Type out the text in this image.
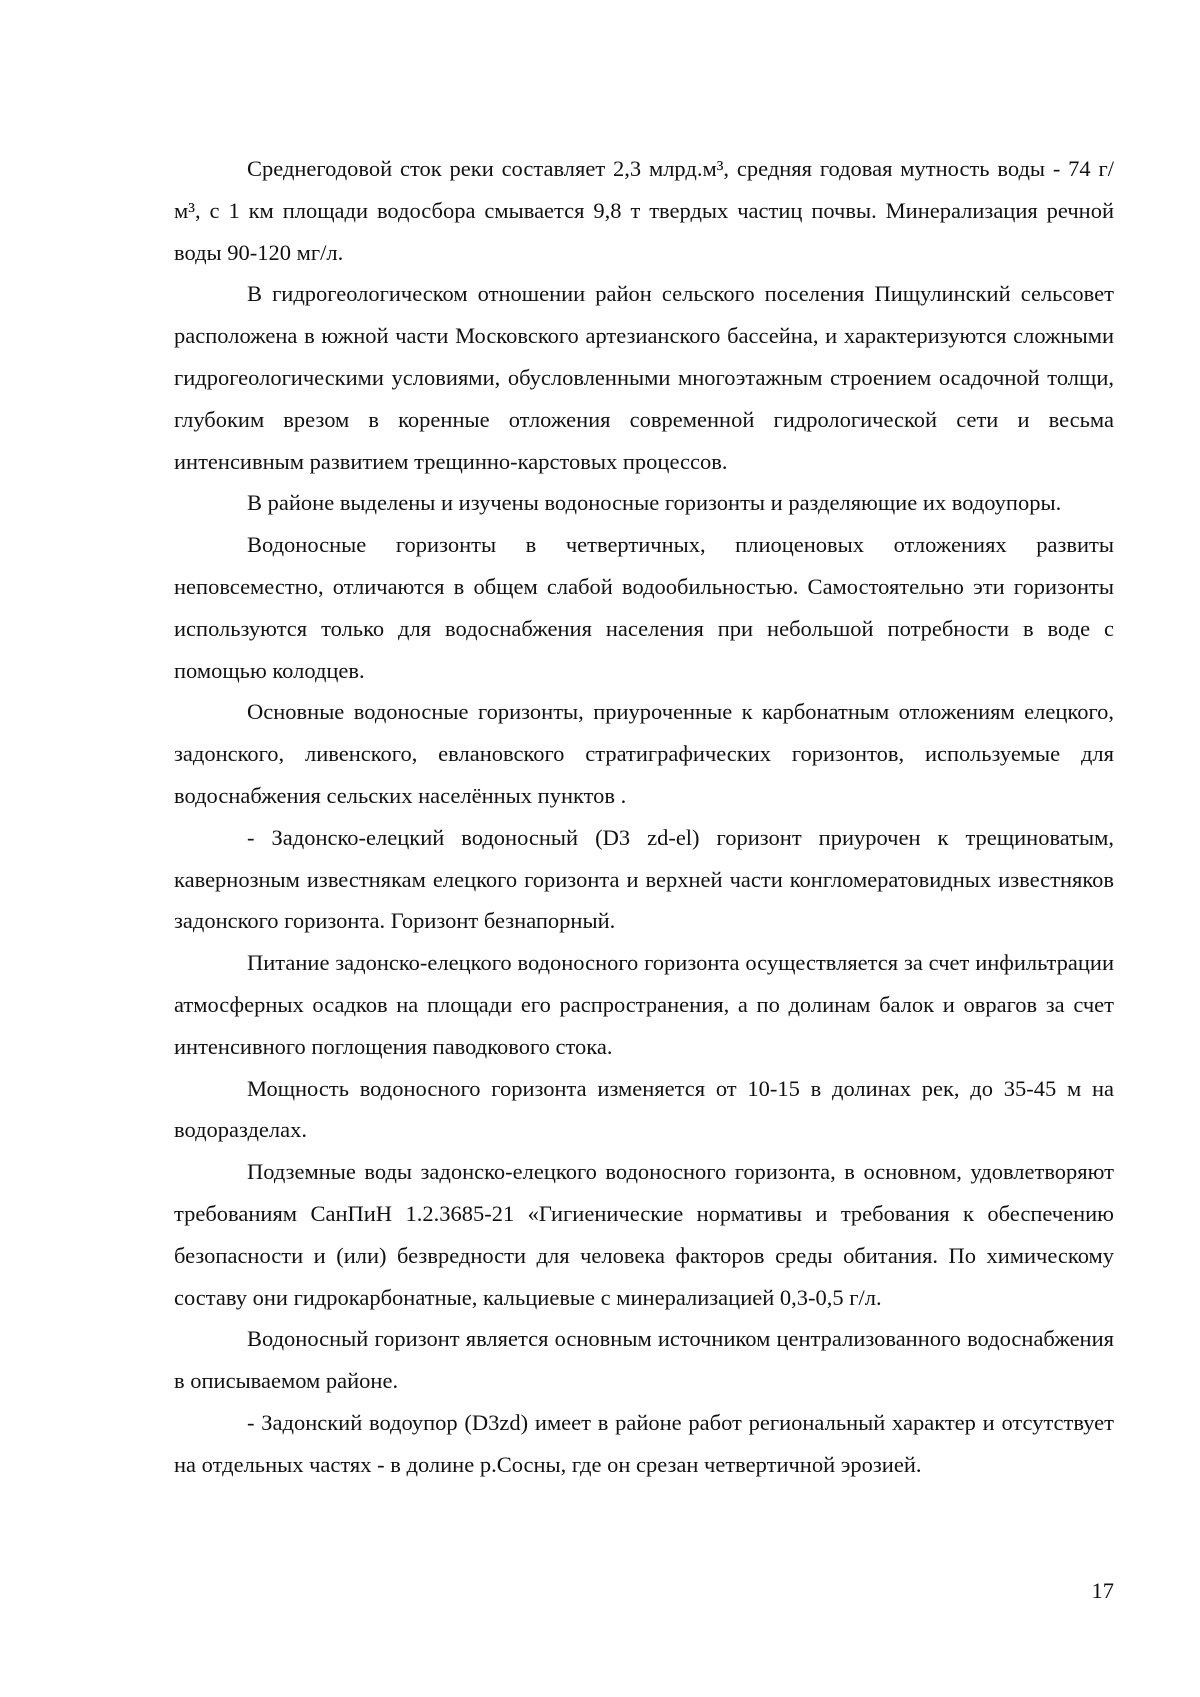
Среднегодовой сток реки составляет 2,3 млрд.м³, средняя годовая мутность воды - 74 г/м³, с 1 км площади водосбора смывается 9,8 т твердых частиц почвы. Минерализация речной воды 90-120 мг/л.

В гидрогеологическом отношении район сельского поселения Пищулинский сельсовет расположена в южной части Московского артезианского бассейна, и характеризуются сложными гидрогеологическими условиями, обусловленными многоэтажным строением осадочной толщи, глубоким врезом в коренные отложения современной гидрологической сети и весьма интенсивным развитием трещинно-карстовых процессов.

В районе выделены и изучены водоносные горизонты и разделяющие их водоупоры.

Водоносные горизонты в четвертичных, плиоценовых отложениях развиты неповсеместно, отличаются в общем слабой водообильностью. Самостоятельно эти горизонты используются только для водоснабжения населения при небольшой потребности в воде с помощью колодцев.

Основные водоносные горизонты, приуроченные к карбонатным отложениям елецкого, задонского, ливенского, евлановского стратиграфических горизонтов, используемые для водоснабжения сельских населённых пунктов .

- Задонско-елецкий водоносный (D3 zd-el) горизонт приурочен к трещиноватым, кавернозным известнякам елецкого горизонта и верхней части конгломератовидных известняков задонского горизонта. Горизонт безнапорный.

Питание задонско-елецкого водоносного горизонта осуществляется за счет инфильтрации атмосферных осадков на площади его распространения, а по долинам балок и оврагов за счет интенсивного поглощения паводкового стока.

Мощность водоносного горизонта изменяется от 10-15 в долинах рек, до 35-45 м на водоразделах.

Подземные воды задонско-елецкого водоносного горизонта, в основном, удовлетворяют требованиям СанПиН 1.2.3685-21 «Гигиенические нормативы и требования к обеспечению безопасности и (или) безвредности для человека факторов среды обитания. По химическому составу они гидрокарбонатные, кальциевые с минерализацией 0,3-0,5 г/л.

Водоносный горизонт является основным источником централизованного водоснабжения в описываемом районе.

- Задонский водоупор (D3zd) имеет в районе работ региональный характер и отсутствует на отдельных частях - в долине р.Сосны, где он срезан четвертичной эрозией.

17
